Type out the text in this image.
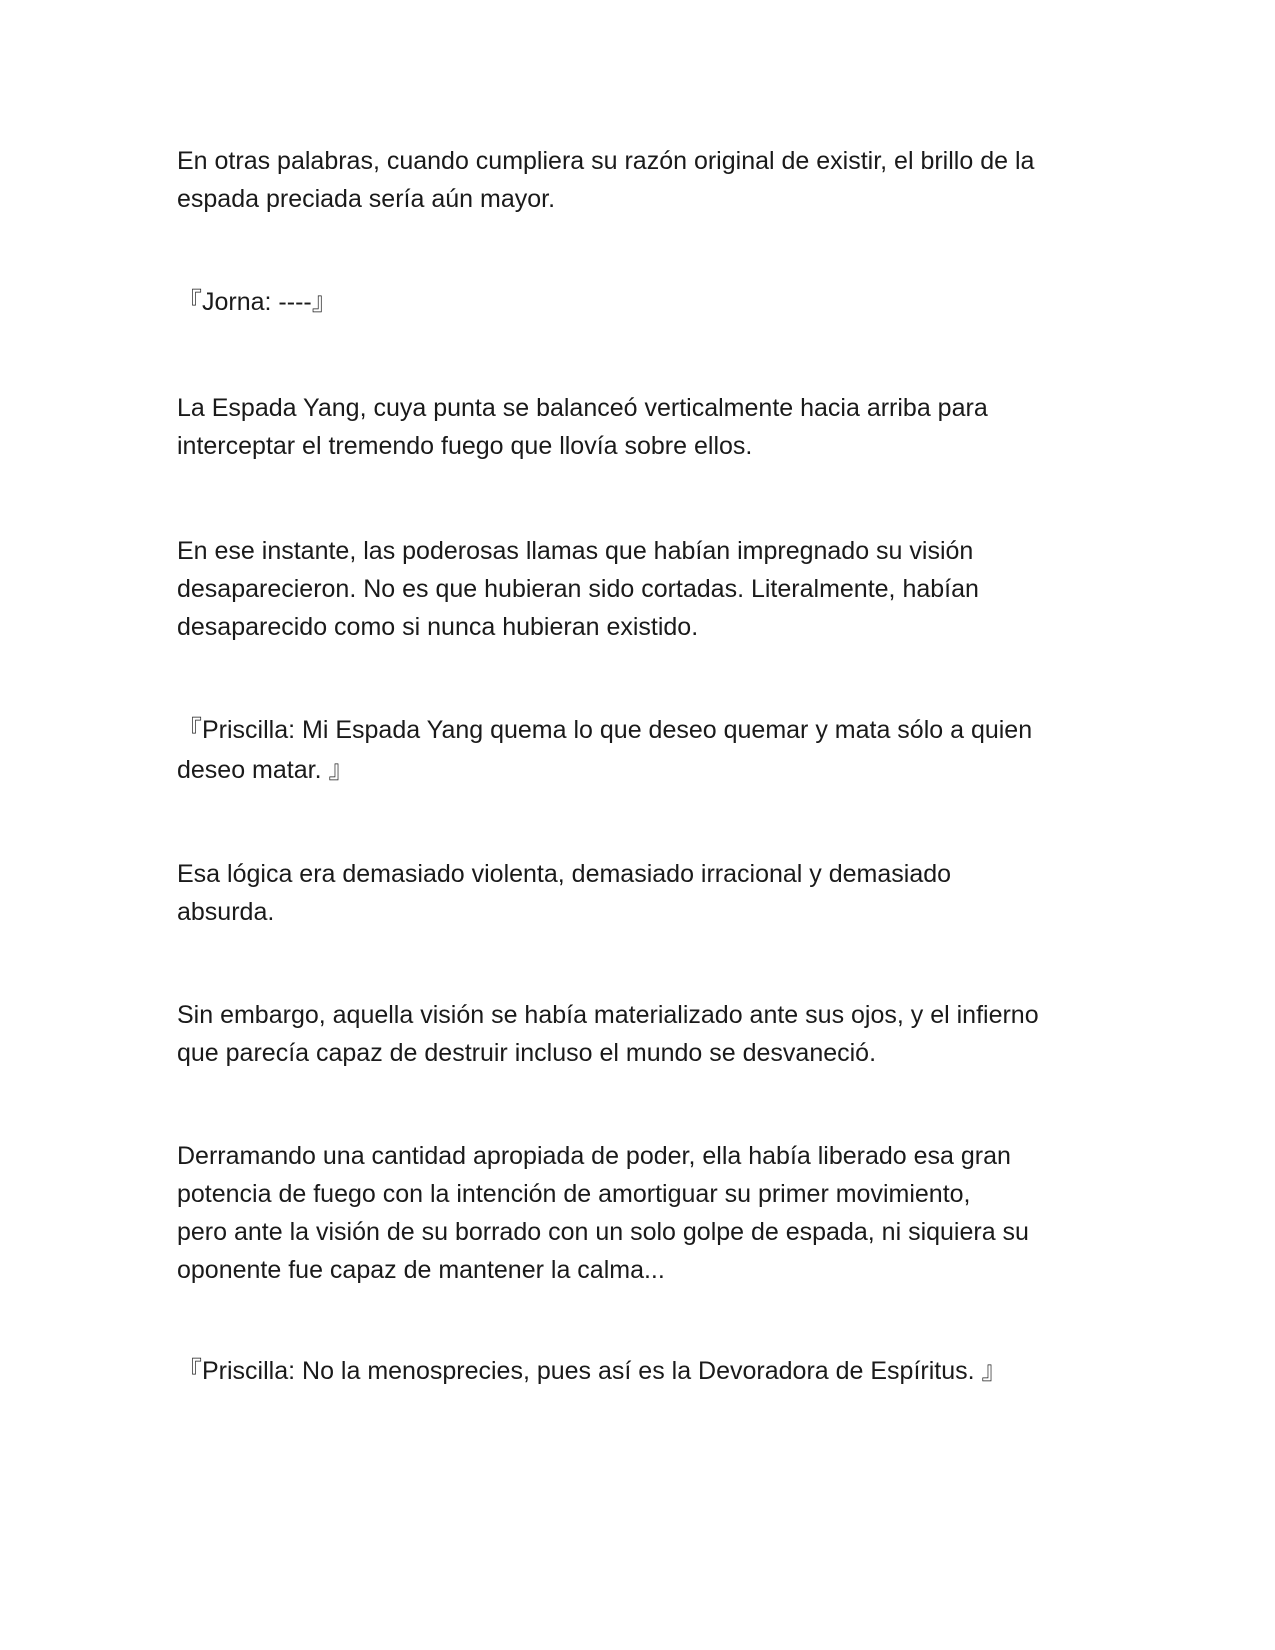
En otras palabras, cuando cumpliera su razón original de existir, el brillo de la
espada preciada sería aún mayor.

『Jorna: ----』

La Espada Yang, cuya punta se balanceó verticalmente hacia arriba para
interceptar el tremendo fuego que llovía sobre ellos.

En ese instante, las poderosas llamas que habían impregnado su visión
desaparecieron. No es que hubieran sido cortadas. Literalmente, habían
desaparecido como si nunca hubieran existido.

『Priscilla: Mi Espada Yang quema lo que deseo quemar y mata sólo a quien
deseo matar. 』

Esa lógica era demasiado violenta, demasiado irracional y demasiado
absurda.

Sin embargo, aquella visión se había materializado ante sus ojos, y el infierno
que parecía capaz de destruir incluso el mundo se desvaneció.

Derramando una cantidad apropiada de poder, ella había liberado esa gran
potencia de fuego con la intención de amortiguar su primer movimiento,
pero ante la visión de su borrado con un solo golpe de espada, ni siquiera su
oponente fue capaz de mantener la calma...

『Priscilla: No la menosprecies, pues así es la Devoradora de Espíritus. 』
